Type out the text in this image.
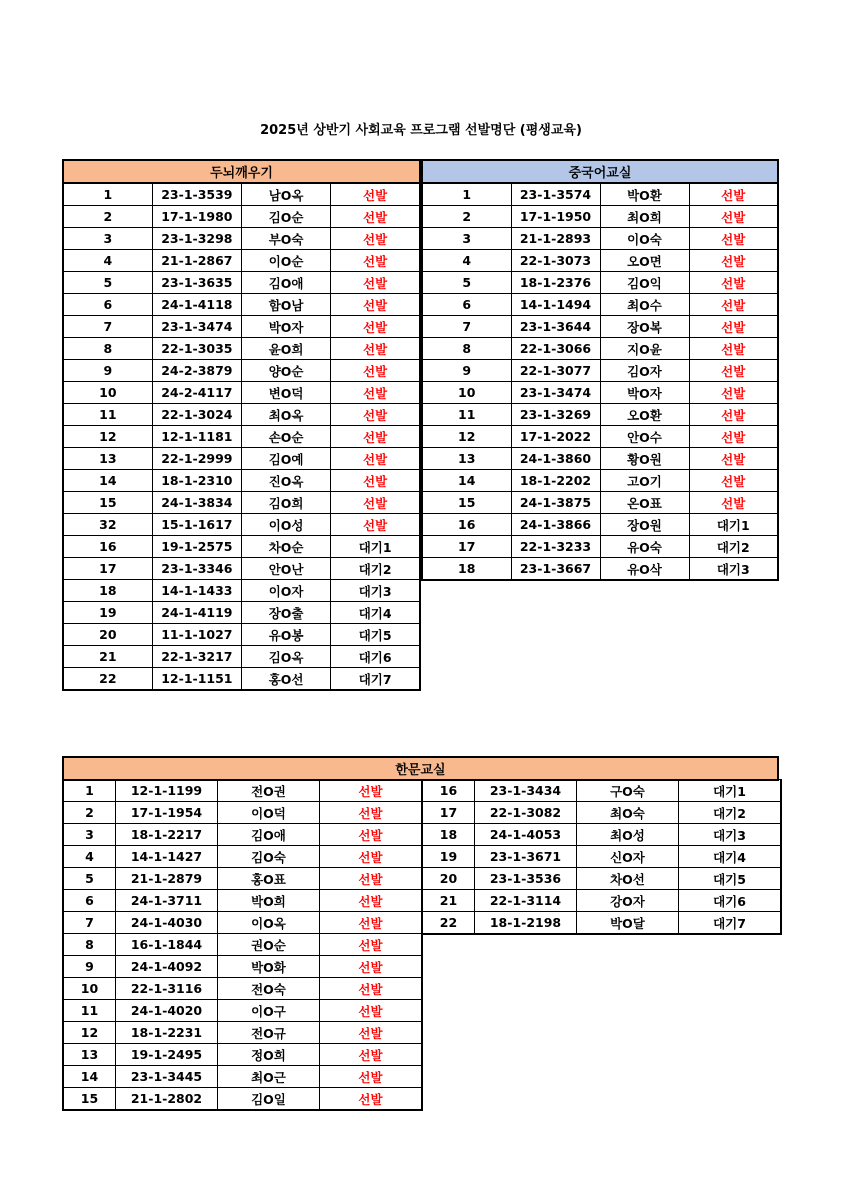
2025년 상반기 사회교육 프로그램 선발명단 (평생교육)
두뇌깨우기			
1	23-1-3539	남O옥	선발
2	17-1-1980	김O순	선발
3	23-1-3298	부O숙	선발
4	21-1-2867	이O순	선발
5	23-1-3635	김O애	선발
6	24-1-4118	함O남	선발
7	23-1-3474	박O자	선발
8	22-1-3035	윤O희	선발
9	24-2-3879	양O순	선발
10	24-2-4117	변O덕	선발
11	22-1-3024	최O옥	선발
12	12-1-1181	손O순	선발
13	22-1-2999	김O예	선발
14	18-1-2310	진O옥	선발
15	24-1-3834	김O희	선발
32	15-1-1617	이O성	선발
16	19-1-2575	차O순	대기1
17	23-1-3346	안O난	대기2
18	14-1-1433	이O자	대기3
19	24-1-4119	장O출	대기4
20	11-1-1027	유O봉	대기5
21	22-1-3217	김O옥	대기6
22	12-1-1151	홍O선	대기7
중국어교실			
1	23-1-3574	박O환	선발
2	17-1-1950	최O희	선발
3	21-1-2893	이O숙	선발
4	22-1-3073	오O면	선발
5	18-1-2376	김O익	선발
6	14-1-1494	최O수	선발
7	23-1-3644	장O복	선발
8	22-1-3066	지O윤	선발
9	22-1-3077	김O자	선발
10	23-1-3474	박O자	선발
11	23-1-3269	오O환	선발
12	17-1-2022	안O수	선발
13	24-1-3860	황O원	선발
14	18-1-2202	고O기	선발
15	24-1-3875	온O표	선발
16	24-1-3866	장O원	대기1
17	22-1-3233	유O숙	대기2
18	23-1-3667	유O삭	대기3
한문교실
1	12-1-1199	전O권	선발
2	17-1-1954	이O덕	선발
3	18-1-2217	김O애	선발
4	14-1-1427	김O숙	선발
5	21-1-2879	홍O표	선발
6	24-1-3711	박O희	선발
7	24-1-4030	이O옥	선발
8	16-1-1844	권O순	선발
9	24-1-4092	박O화	선발
10	22-1-3116	전O숙	선발
11	24-1-4020	이O구	선발
12	18-1-2231	전O규	선발
13	19-1-2495	정O희	선발
14	23-1-3445	최O근	선발
15	21-1-2802	김O일	선발
16	23-1-3434	구O숙	대기1
17	22-1-3082	최O숙	대기2
18	24-1-4053	최O성	대기3
19	23-1-3671	신O자	대기4
20	23-1-3536	차O선	대기5
21	22-1-3114	강O자	대기6
22	18-1-2198	박O달	대기7
